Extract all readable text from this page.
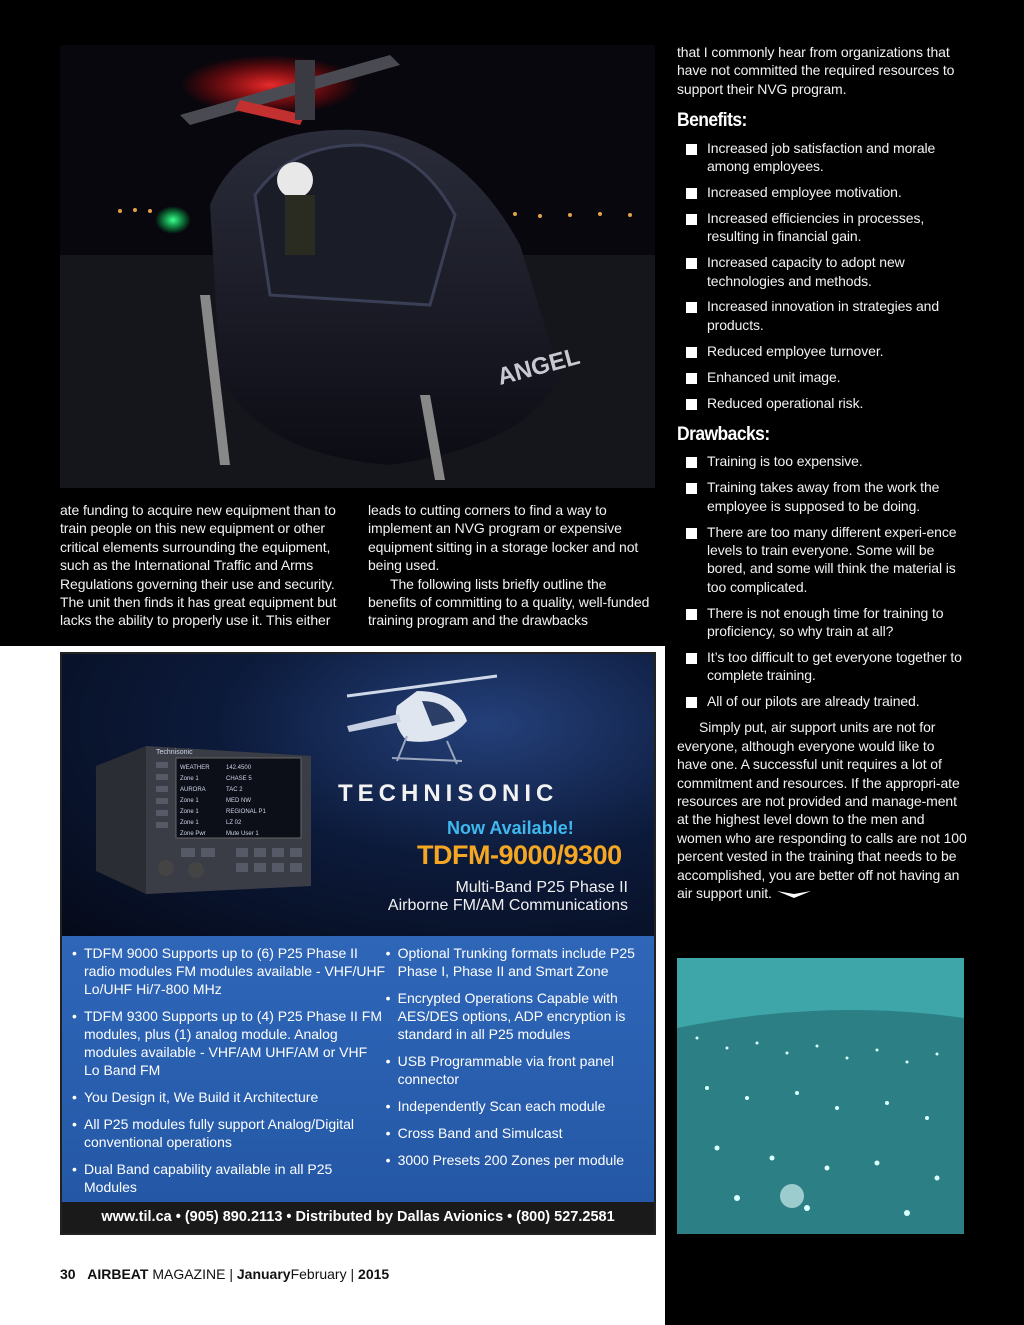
ANGEL

ate funding to acquire new equipment than to train people on this new equipment or other critical elements surrounding the equipment, such as the International Traffic and Arms Regulations governing their use and security. The unit then finds it has great equipment but lacks the ability to properly use it. This either

leads to cutting corners to find a way to implement an NVG program or expensive equipment sitting in a storage locker and not being used.

The following lists briefly outline the benefits of committing to a quality, well-funded training program and the drawbacks

that I commonly hear from organizations that have not committed the required resources to support their NVG program.

Benefits:
Increased job satisfaction and morale among employees.
Increased employee motivation.
Increased efficiencies in processes, resulting in financial gain.
Increased capacity to adopt new technologies and methods.
Increased innovation in strategies and products.
Reduced employee turnover.
Enhanced unit image.
Reduced operational risk.
Drawbacks:
Training is too expensive.
Training takes away from the work the employee is supposed to be doing.
There are too many different experi-ence levels to train everyone. Some will be bored, and some will think the material is too complicated.
There is not enough time for training to proficiency, so why train at all?
It’s too difficult to get everyone together to complete training.
All of our pilots are already trained.

Simply put, air support units are not for everyone, although everyone would like to have one. A successful unit requires a lot of commitment and resources. If the appropri-ate resources are not provided and manage-ment at the highest level down to the men and women who are responding to calls are not 100 percent vested in the training that needs to be accomplished, you are better off not having an air support unit.

Technisonic
WEATHER	142.4500
Zone 1	CHASE 5
AURORA	TAC 2
Zone 1	MED NW
Zone 1	REGIONAL P1
Zone 1	LZ 02
Zone Pwr	Mute User 1
TECHNISONIC
Now Available!
TDFM-9000/9300
Multi-Band P25 Phase II
Airborne FM/AM Communications
• TDFM 9000 Supports up to (6) P25 Phase II radio modules FM modules available - VHF/UHF Lo/UHF Hi/7-800 MHz
• TDFM 9300 Supports up to (4) P25 Phase II FM modules, plus (1) analog module. Analog modules available - VHF/AM UHF/AM or VHF Lo Band FM
• You Design it, We Build it Architecture
• All P25 modules fully support Analog/Digital conventional operations
• Dual Band capability available in all P25 Modules
• Optional Trunking formats include P25 Phase I, Phase II and Smart Zone
• Encrypted Operations Capable with AES/DES options, ADP encryption is standard in all P25 modules
• USB Programmable via front panel connector
• Independently Scan each module
• Cross Band and Simulcast
• 3000 Presets 200 Zones per module
www.til.ca • (905) 890.2113 • Distributed by Dallas Avionics • (800) 527.2581
30 AIRBEAT MAGAZINE | JanuaryFebruary | 2015
